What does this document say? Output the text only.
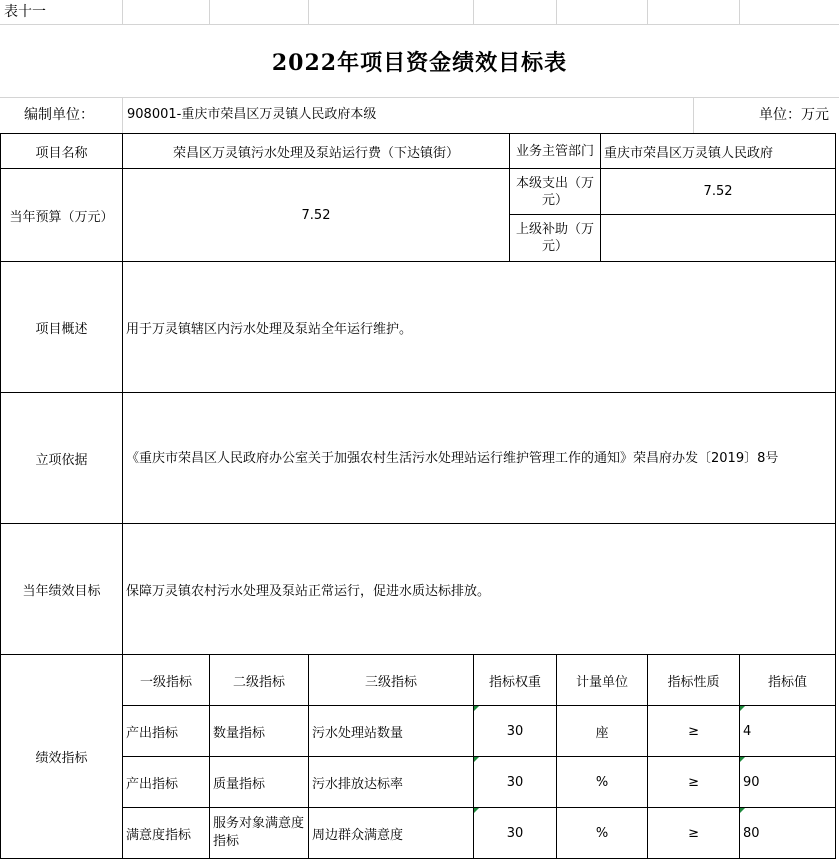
表十一
2022年项目资金绩效目标表
编制单位：	908001-重庆市荣昌区万灵镇人民政府本级	单位：万元
项目名称	荣昌区万灵镇污水处理及泵站运行费（下达镇街）				业务主管部门		重庆市荣昌区万灵镇人民政府		
当年预算（万元）	7.52				本级支出（万元）		7.52		
					上级补助（万元）				
项目概述	用于万灵镇辖区内污水处理及泵站全年运行维护。								
立项依据	《重庆市荣昌区人民政府办公室关于加强农村生活污水处理站运行维护管理工作的通知》荣昌府办发〔2019〕8号								
当年绩效目标	保障万灵镇农村污水处理及泵站正常运行，促进水质达标排放。								
绩效指标	一级指标	二级指标	三级指标	指标权重		计量单位		指标性质	指标值
	产出指标	数量指标	污水处理站数量	30		座		≥	4
	产出指标	质量指标	污水排放达标率	30		%		≥	90
	满意度指标	服务对象满意度指标	周边群众满意度	30		%		≥	80
